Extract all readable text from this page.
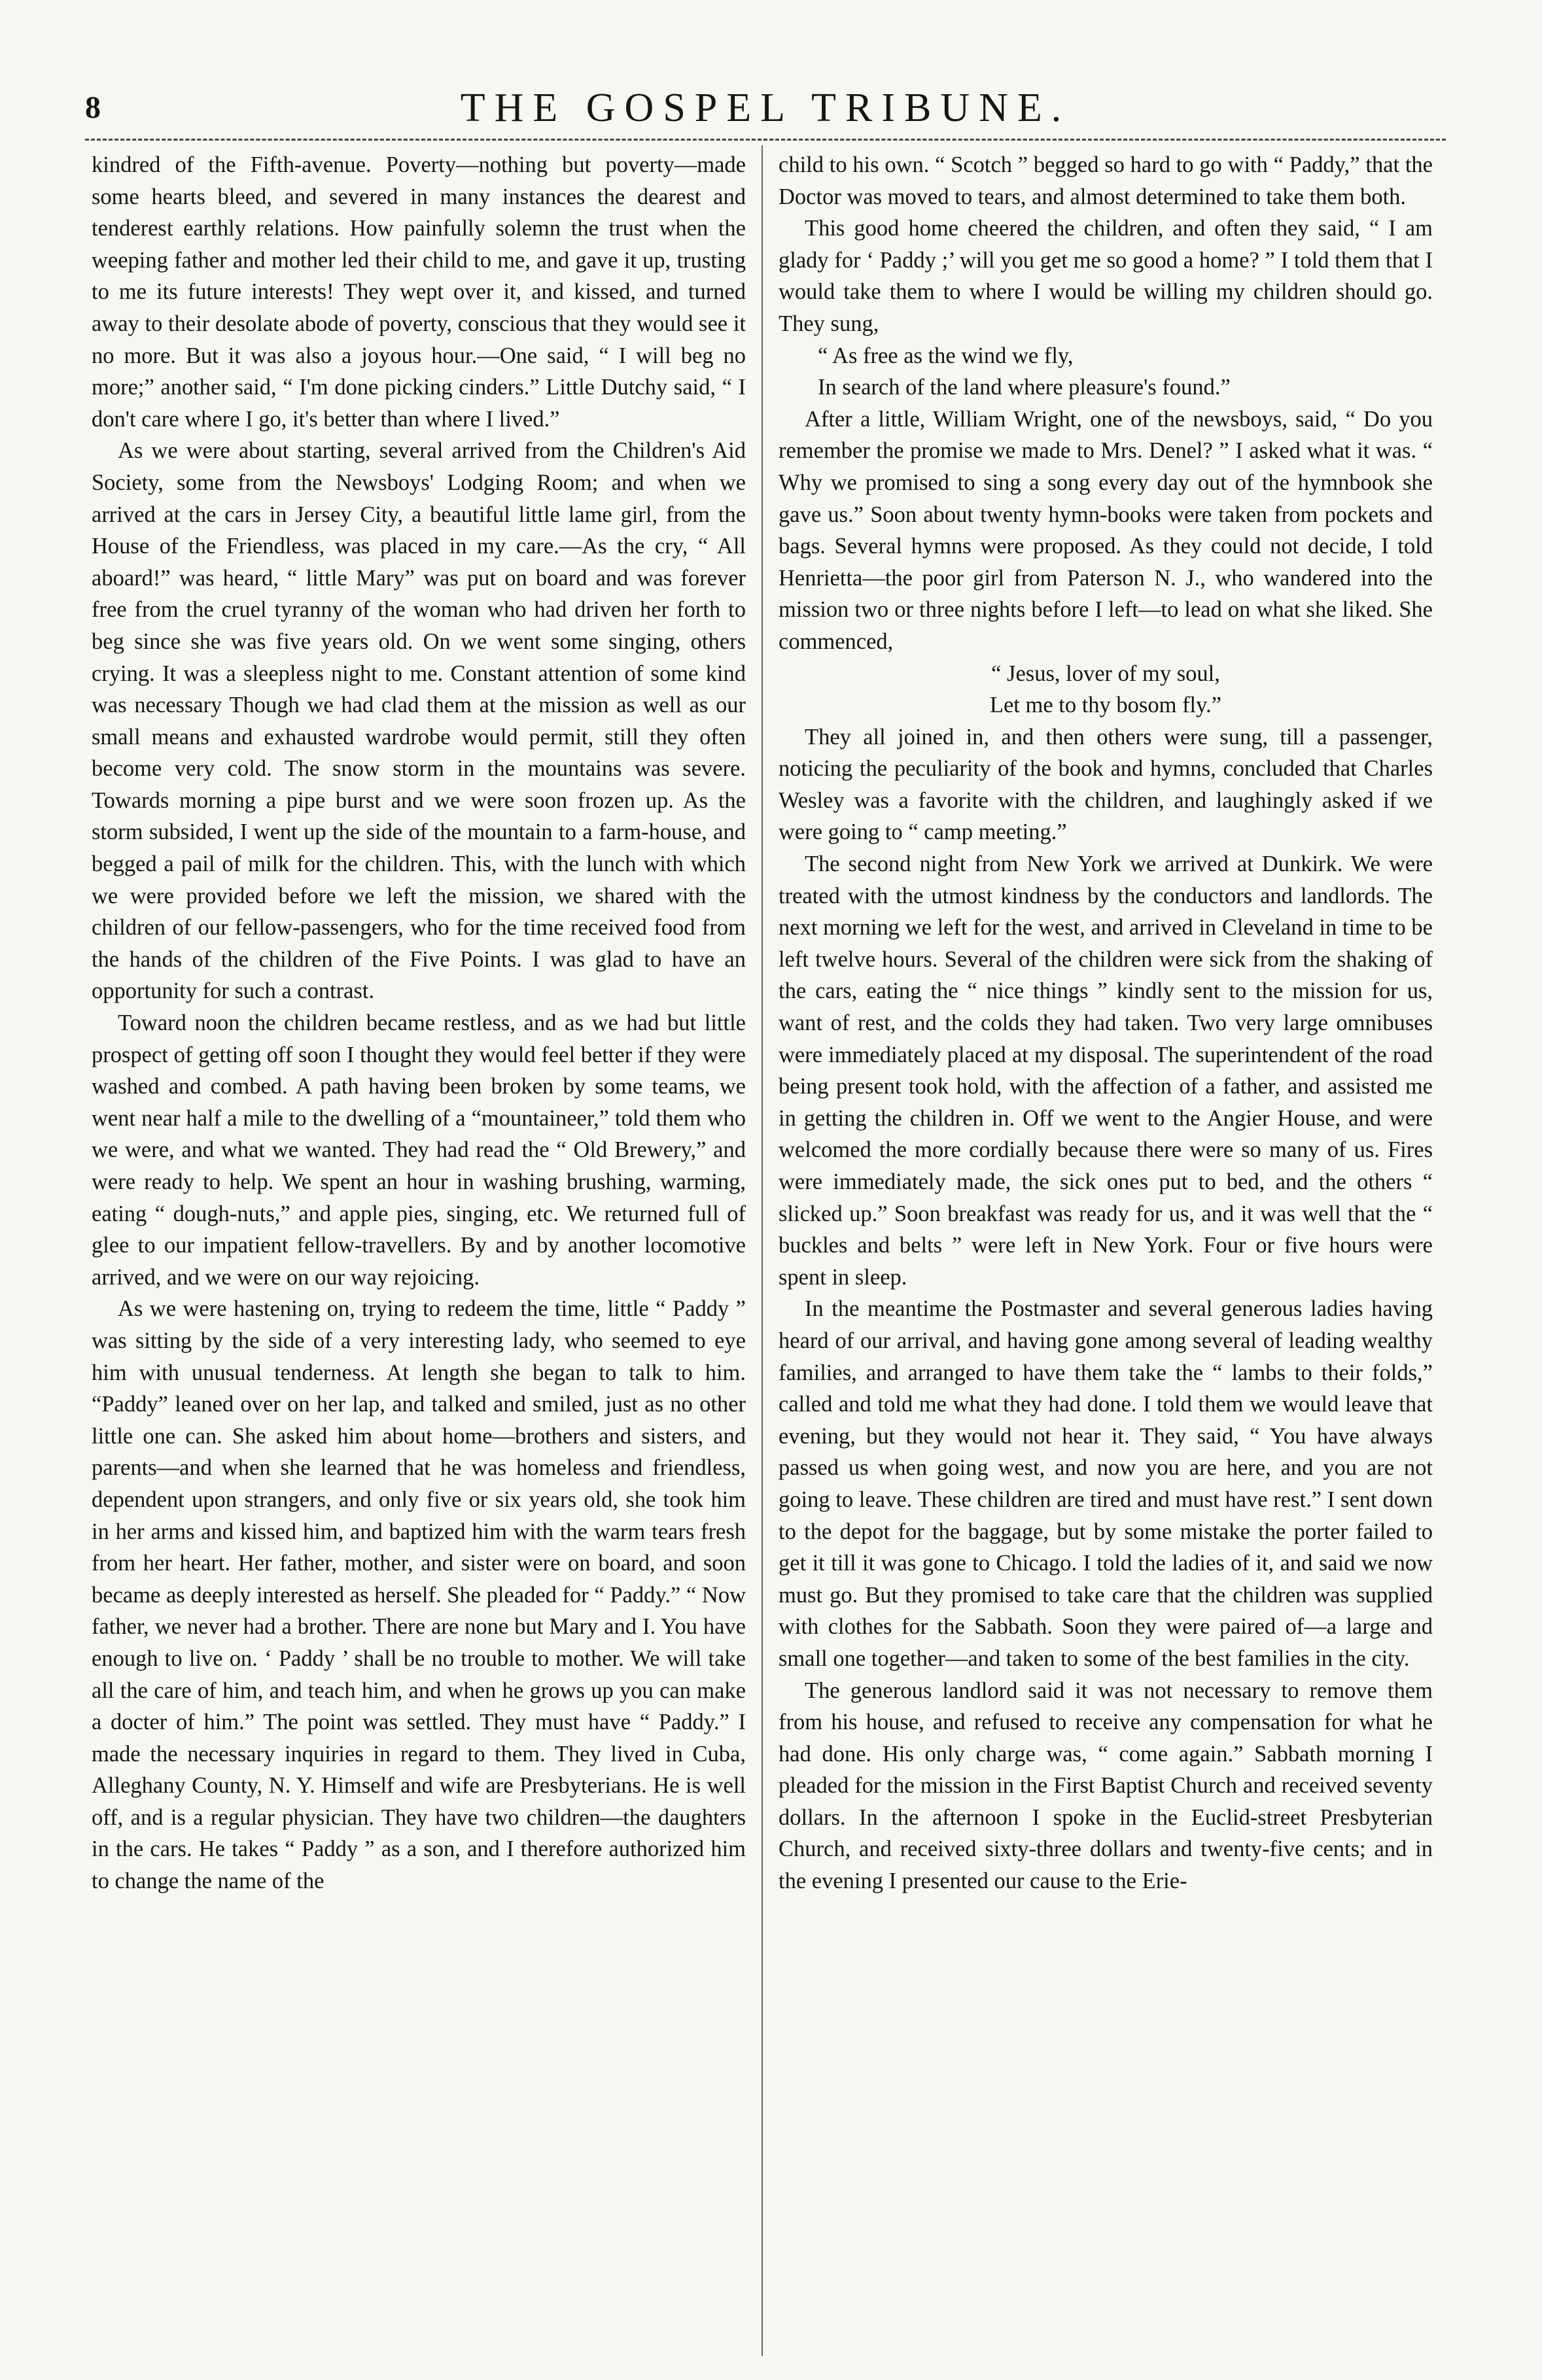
8	THE GOSPEL TRIBUNE.

kindred of the Fifth-avenue. Poverty—nothing but poverty—made some hearts bleed, and severed in many instances the dearest and tenderest earthly relations. How painfully solemn the trust when the weeping father and mother led their child to me, and gave it up, trusting to me its future interests! They wept over it, and kissed, and turned away to their desolate abode of poverty, conscious that they would see it no more. But it was also a joyous hour.—One said, “ I will beg no more;” another said, “ I'm done picking cinders.” Little Dutchy said, “ I don't care where I go, it's better than where I lived.”

As we were about starting, several arrived from the Children's Aid Society, some from the Newsboys' Lodging Room; and when we arrived at the cars in Jersey City, a beautiful little lame girl, from the House of the Friendless, was placed in my care.—As the cry, “ All aboard!” was heard, “ little Mary” was put on board and was forever free from the cruel tyranny of the woman who had driven her forth to beg since she was five years old. On we went some singing, others crying. It was a sleepless night to me. Constant attention of some kind was necessary Though we had clad them at the mission as well as our small means and exhausted wardrobe would permit, still they often become very cold. The snow storm in the mountains was severe. Towards morning a pipe burst and we were soon frozen up. As the storm subsided, I went up the side of the mountain to a farm-house, and begged a pail of milk for the children. This, with the lunch with which we were provided before we left the mission, we shared with the children of our fellow-passengers, who for the time received food from the hands of the children of the Five Points. I was glad to have an opportunity for such a contrast.

Toward noon the children became restless, and as we had but little prospect of getting off soon I thought they would feel better if they were washed and combed. A path having been broken by some teams, we went near half a mile to the dwelling of a “mountaineer,” told them who we were, and what we wanted. They had read the “ Old Brewery,” and were ready to help. We spent an hour in washing brushing, warming, eating “ dough-nuts,” and apple pies, singing, etc. We returned full of glee to our impatient fellow-travellers. By and by another locomotive arrived, and we were on our way rejoicing.

As we were hastening on, trying to redeem the time, little “ Paddy ” was sitting by the side of a very interesting lady, who seemed to eye him with unusual tenderness. At length she began to talk to him. “Paddy” leaned over on her lap, and talked and smiled, just as no other little one can. She asked him about home—brothers and sisters, and parents—and when she learned that he was homeless and friendless, dependent upon strangers, and only five or six years old, she took him in her arms and kissed him, and baptized him with the warm tears fresh from her heart. Her father, mother, and sister were on board, and soon became as deeply interested as herself. She pleaded for “ Paddy.” “ Now father, we never had a brother. There are none but Mary and I. You have enough to live on. ‘ Paddy ’ shall be no trouble to mother. We will take all the care of him, and teach him, and when he grows up you can make a docter of him.” The point was settled. They must have “ Paddy.” I made the necessary inquiries in regard to them. They lived in Cuba, Alleghany County, N. Y. Himself and wife are Presbyterians. He is well off, and is a regular physician. They have two children—the daughters in the cars. He takes “ Paddy ” as a son, and I therefore authorized him to change the name of the

child to his own. “ Scotch ” begged so hard to go with “ Paddy,” that the Doctor was moved to tears, and almost determined to take them both.

This good home cheered the children, and often they said, “ I am glady for ‘ Paddy ;’ will you get me so good a home? ” I told them that I would take them to where I would be willing my children should go. They sung,

“ As free as the wind we fly,

In search of the land where pleasure's found.”

After a little, William Wright, one of the newsboys, said, “ Do you remember the promise we made to Mrs. Denel? ” I asked what it was. “ Why we promised to sing a song every day out of the hymnbook she gave us.” Soon about twenty hymn-books were taken from pockets and bags. Several hymns were proposed. As they could not decide, I told Henrietta—the poor girl from Paterson N. J., who wandered into the mission two or three nights before I left—to lead on what she liked. She commenced,

“ Jesus, lover of my soul,

Let me to thy bosom fly.”

They all joined in, and then others were sung, till a passenger, noticing the peculiarity of the book and hymns, concluded that Charles Wesley was a favorite with the children, and laughingly asked if we were going to “ camp meeting.”

The second night from New York we arrived at Dunkirk. We were treated with the utmost kindness by the conductors and landlords. The next morning we left for the west, and arrived in Cleveland in time to be left twelve hours. Several of the children were sick from the shaking of the cars, eating the “ nice things ” kindly sent to the mission for us, want of rest, and the colds they had taken. Two very large omnibuses were immediately placed at my disposal. The superintendent of the road being present took hold, with the affection of a father, and assisted me in getting the children in. Off we went to the Angier House, and were welcomed the more cordially because there were so many of us. Fires were immediately made, the sick ones put to bed, and the others “ slicked up.” Soon breakfast was ready for us, and it was well that the “ buckles and belts ” were left in New York. Four or five hours were spent in sleep.

In the meantime the Postmaster and several generous ladies having heard of our arrival, and having gone among several of leading wealthy families, and arranged to have them take the “ lambs to their folds,” called and told me what they had done. I told them we would leave that evening, but they would not hear it. They said, “ You have always passed us when going west, and now you are here, and you are not going to leave. These children are tired and must have rest.” I sent down to the depot for the baggage, but by some mistake the porter failed to get it till it was gone to Chicago. I told the ladies of it, and said we now must go. But they promised to take care that the children was supplied with clothes for the Sabbath. Soon they were paired of—a large and small one together—and taken to some of the best families in the city.

The generous landlord said it was not necessary to remove them from his house, and refused to receive any compensation for what he had done. His only charge was, “ come again.” Sabbath morning I pleaded for the mission in the First Baptist Church and received seventy dollars. In the afternoon I spoke in the Euclid-street Presbyterian Church, and received sixty-three dollars and twenty-five cents; and in the evening I presented our cause to the Erie-
